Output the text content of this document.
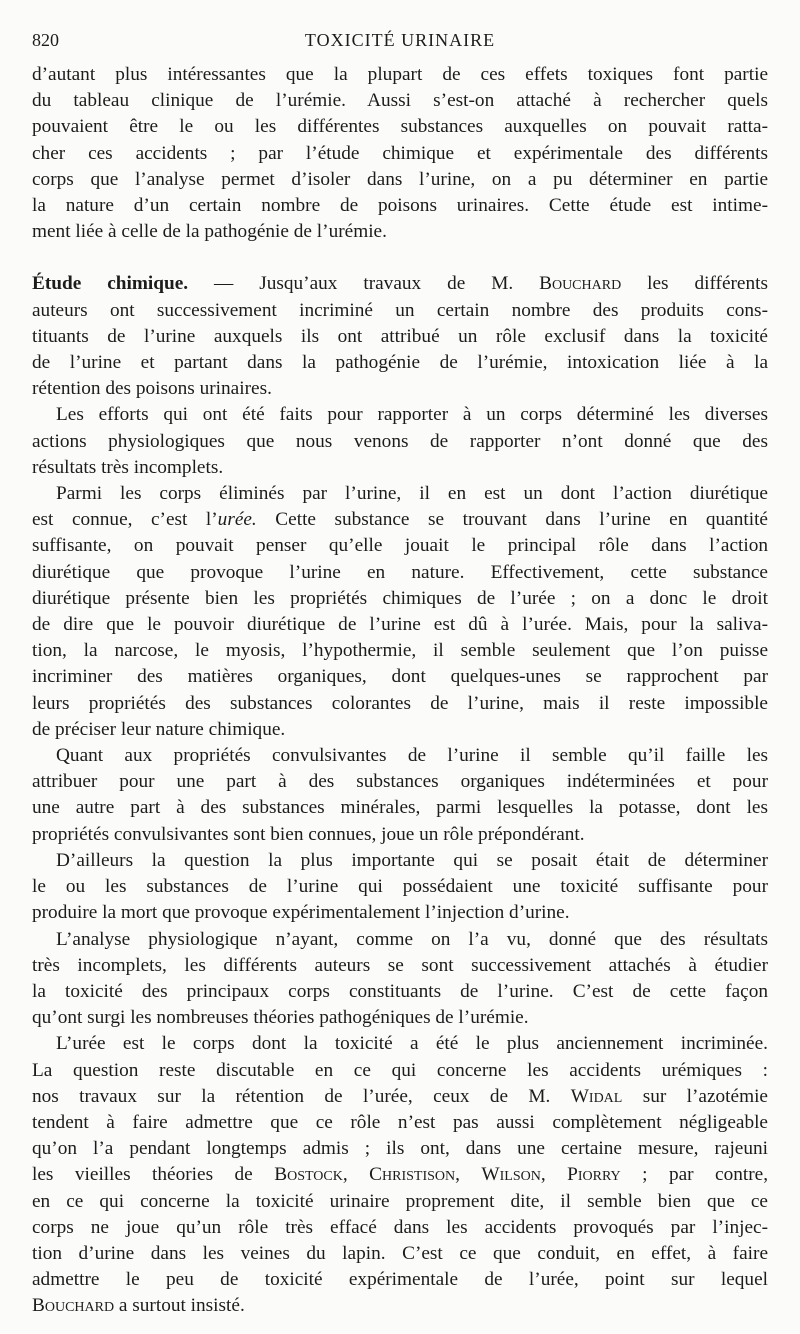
820	TOXICITÉ URINAIRE

d’autant plus intéressantes que la plupart de ces effets toxiques font partie

du tableau clinique de l’urémie. Aussi s’est-on attaché à rechercher quels

pouvaient être le ou les différentes substances auxquelles on pouvait ratta-

cher ces accidents ; par l’étude chimique et expérimentale des différents

corps que l’analyse permet d’isoler dans l’urine, on a pu déterminer en partie

la nature d’un certain nombre de poisons urinaires. Cette étude est intime-

ment liée à celle de la pathogénie de l’urémie.

Étude chimique. — Jusqu’aux travaux de M. Bouchard les différents

auteurs ont successivement incriminé un certain nombre des produits cons-

tituants de l’urine auxquels ils ont attribué un rôle exclusif dans la toxicité

de l’urine et partant dans la pathogénie de l’urémie, intoxication liée à la

rétention des poisons urinaires.

Les efforts qui ont été faits pour rapporter à un corps déterminé les diverses

actions physiologiques que nous venons de rapporter n’ont donné que des

résultats très incomplets.

Parmi les corps éliminés par l’urine, il en est un dont l’action diurétique

est connue, c’est l’urée. Cette substance se trouvant dans l’urine en quantité

suffisante, on pouvait penser qu’elle jouait le principal rôle dans l’action

diurétique que provoque l’urine en nature. Effectivement, cette substance

diurétique présente bien les propriétés chimiques de l’urée ; on a donc le droit

de dire que le pouvoir diurétique de l’urine est dû à l’urée. Mais, pour la saliva-

tion, la narcose, le myosis, l’hypothermie, il semble seulement que l’on puisse

incriminer des matières organiques, dont quelques-unes se rapprochent par

leurs propriétés des substances colorantes de l’urine, mais il reste impossible

de préciser leur nature chimique.

Quant aux propriétés convulsivantes de l’urine il semble qu’il faille les

attribuer pour une part à des substances organiques indéterminées et pour

une autre part à des substances minérales, parmi lesquelles la potasse, dont les

propriétés convulsivantes sont bien connues, joue un rôle prépondérant.

D’ailleurs la question la plus importante qui se posait était de déterminer

le ou les substances de l’urine qui possédaient une toxicité suffisante pour

produire la mort que provoque expérimentalement l’injection d’urine.

L’analyse physiologique n’ayant, comme on l’a vu, donné que des résultats

très incomplets, les différents auteurs se sont successivement attachés à étudier

la toxicité des principaux corps constituants de l’urine. C’est de cette façon

qu’ont surgi les nombreuses théories pathogéniques de l’urémie.

L’urée est le corps dont la toxicité a été le plus anciennement incriminée.

La question reste discutable en ce qui concerne les accidents urémiques :

nos travaux sur la rétention de l’urée, ceux de M. Widal sur l’azotémie

tendent à faire admettre que ce rôle n’est pas aussi complètement négligeable

qu’on l’a pendant longtemps admis ; ils ont, dans une certaine mesure, rajeuni

les vieilles théories de Bostock, Christison, Wilson, Piorry ; par contre,

en ce qui concerne la toxicité urinaire proprement dite, il semble bien que ce

corps ne joue qu’un rôle très effacé dans les accidents provoqués par l’injec-

tion d’urine dans les veines du lapin. C’est ce que conduit, en effet, à faire

admettre le peu de toxicité expérimentale de l’urée, point sur lequel

Bouchard a surtout insisté.
